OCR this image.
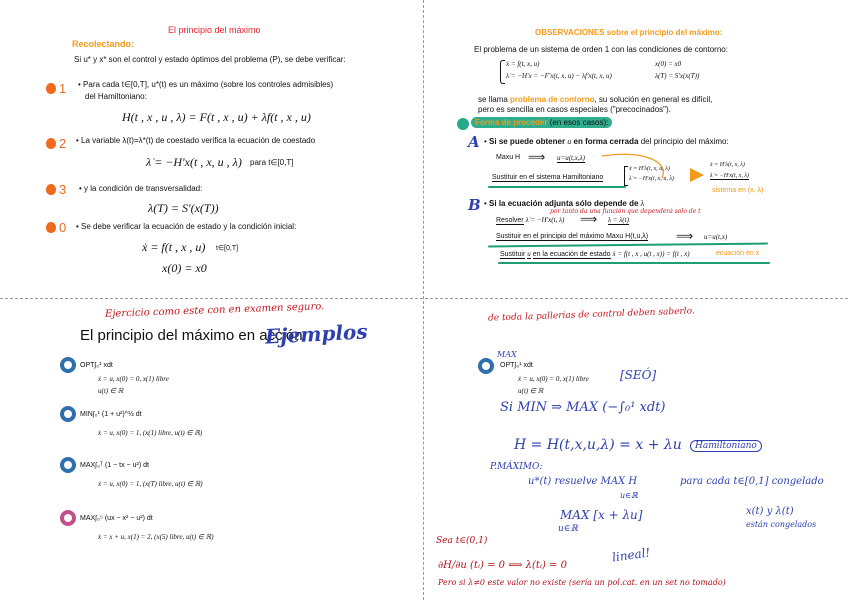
El principio del máximo
Recolectando:
Si u* y x* son el control y estado óptimos del problema (P), se debe verificar:
1 • Para cada t∈[0,T], u*(t) es un máximo (sobre los controles admisibles)
del Hamiltoniano:
H(t , x , u , λ) = F(t , x , u) + λf(t , x , u)
2 • La variable λ(t)=λ*(t) de coestado verifica la ecuación de coestado
λ̇ = −H′x(t , x, u , λ) para t∈[0,T]
3 • y la condición de transversalidad:
λ(T) = S′(x(T))
0 • Se debe verificar la ecuación de estado y la condición inicial:
ẋ = f(t , x , u) t∈[0,T]
x(0) = x0
OBSERVACIONES sobre el principio del máximo:
El problema de un sistema de orden 1 con las condiciones de contorno:
ẋ = f(t, x, u)
λ̇ = −H′x = −F′x(t, x, u) − λf′x(t, x, u)
x(0) = x0
λ(T) = S′x(x(T))
se llama problema de contorno, su solución en general es difícil,
pero es sencilla en casos especiales ("precocinados").
Forma de proceder (en esos casos):
A • Si se puede obtener u en forma cerrada del principio del máximo:
Maxu H ⟹ u=u(t,x,λ)
Sustituir en el sistema Hamiltoniano
ẋ = H′λ(t, x, u, λ)
λ̇ = −H′x(t, x, u, λ)
ẋ = H′λ(t, x, λ)
λ̇ = −H′x(t, x, λ)
sistema en (x, λ)
B • Si la ecuación adjunta sólo depende de λ
por tanto da una función que dependerá solo de t
Resolver λ̇ = −H′x(t, λ) ⟹ λ = λ(t)
Sustituir en el principio del máximo Maxu H(t,u,λ) ⟹ u=u(t,x)
Sustituir u en la ecuación de estado ẋ = f(t , x , u(t , x)) = f(t , x)	ecuación en x
Ejercicio como este con en examen seguro.
El principio del máximo en acción:
Ejemplos
OPT∫₀¹ xdt
ẋ = u, x(0) = 0, x(1) libre
u(t) ∈ ℝ
MIN∫₀¹ (1 + u²)^½ dt
ẋ = u, x(0) = 1, (x(1) libre, u(t) ∈ ℝ)
MAX∫₀ᵀ (1 − tx − u²) dt
ẋ = u, x(0) = 1, (x(T) libre, u(t) ∈ ℝ)
MAX∫₀⁵ (ux − x² − u²) dt
ẋ = x + u, x(1) = 2, (x(5) libre, u(t) ∈ ℝ)
de toda la pallerias de control deben saberlo.
MAX
OPT∫₀¹ xdt
ẋ = u, x(0) = 0, x(1) libre
u(t) ∈ ℝ
[SEÓ]
Si MIN ⇒ MAX (−∫₀¹ xdt)
H = H(t,x,u,λ) = x + λu	Hamiltoniano
P.MÁXIMO:
u*(t) resuelve MAX H
u∈ℝ
para cada t∈[0,1] congelado
MAX [x + λu]
u∈ℝ
x(t) y λ(t)
están congelados
lineal!
Sea t∈(0,1)
∂H/∂u (tᵢ) = 0 ⟺ λ(tᵢ) = 0
Pero si λ≠0 este valor no existe (sería un pol.cat. en un set no tomado)
